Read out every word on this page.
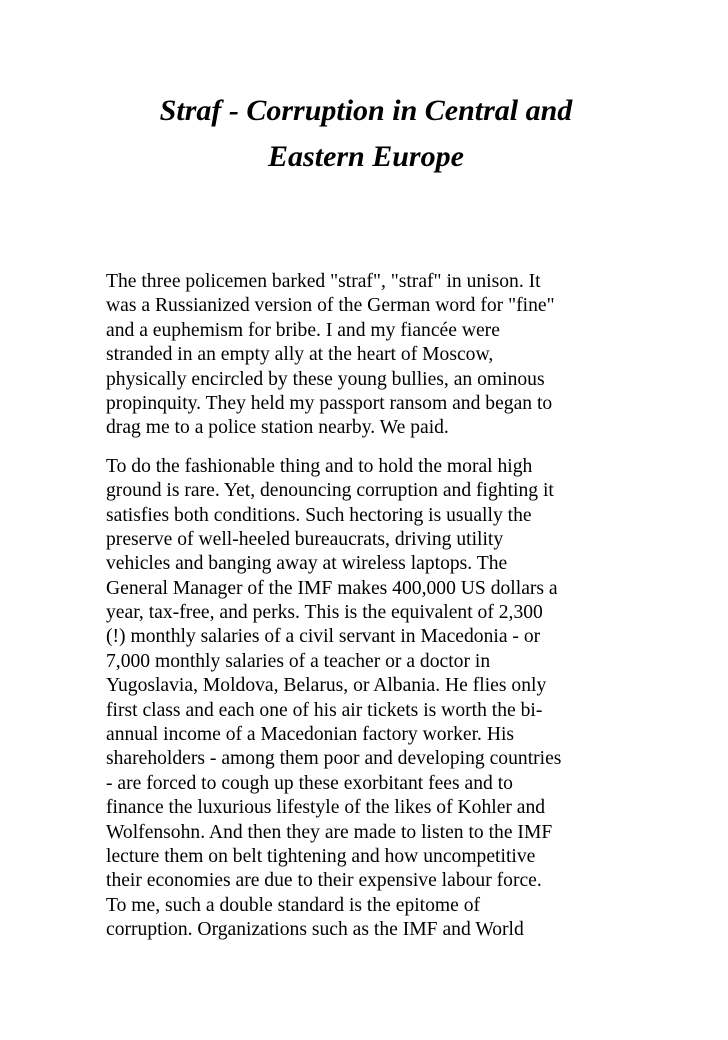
Straf - Corruption in Central and
Eastern Europe

The three policemen barked "straf", "straf" in unison. It
was a Russianized version of the German word for "fine"
and a euphemism for bribe. I and my fiancée were
stranded in an empty ally at the heart of Moscow,
physically encircled by these young bullies, an ominous
propinquity. They held my passport ransom and began to
drag me to a police station nearby. We paid.

To do the fashionable thing and to hold the moral high
ground is rare. Yet, denouncing corruption and fighting it
satisfies both conditions. Such hectoring is usually the
preserve of well-heeled bureaucrats, driving utility
vehicles and banging away at wireless laptops. The
General Manager of the IMF makes 400,000 US dollars a
year, tax-free, and perks. This is the equivalent of 2,300
(!) monthly salaries of a civil servant in Macedonia - or
7,000 monthly salaries of a teacher or a doctor in
Yugoslavia, Moldova, Belarus, or Albania. He flies only
first class and each one of his air tickets is worth the bi-
annual income of a Macedonian factory worker. His
shareholders - among them poor and developing countries
- are forced to cough up these exorbitant fees and to
finance the luxurious lifestyle of the likes of Kohler and
Wolfensohn. And then they are made to listen to the IMF
lecture them on belt tightening and how uncompetitive
their economies are due to their expensive labour force.
To me, such a double standard is the epitome of
corruption. Organizations such as the IMF and World
